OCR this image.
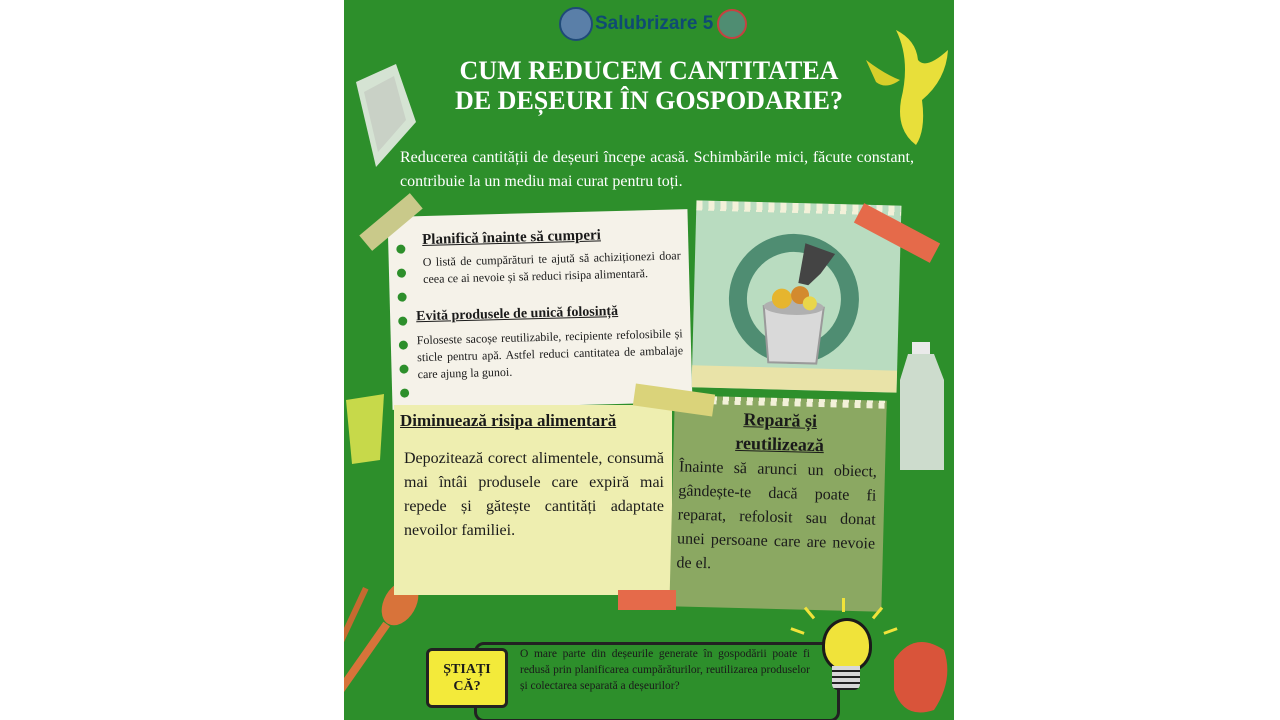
Salubrizare 5
CUM REDUCEM CANTITATEA
DE DEȘEURI ÎN GOSPODARIE?
Reducerea cantității de deșeuri începe acasă. Schimbările mici, făcute constant, contribuie la un mediu mai curat pentru toți.
Planifică înainte să cumperi
O listă de cumpărături te ajută să achiziționezi doar ceea ce ai nevoie și să reduci risipa alimentară.
Evită produsele de unică folosință
Foloseste sacoșe reutilizabile, recipiente refolosibile și sticle pentru apă. Astfel reduci cantitatea de ambalaje care ajung la gunoi.
Diminuează risipa alimentară
Depozitează corect alimentele, consumă mai întâi produsele care expiră mai repede și gătește cantități adaptate nevoilor familiei.
Repară și
reutilizează
Înainte să arunci un obiect, gândește-te dacă poate fi reparat, refolosit sau donat unei persoane care are nevoie de el.
ȘTIAȚI
CĂ?
O mare parte din deșeurile generate în gospodării poate fi redusă prin planificarea cumpărăturilor, reutilizarea produselor și colectarea separată a deșeurilor?
